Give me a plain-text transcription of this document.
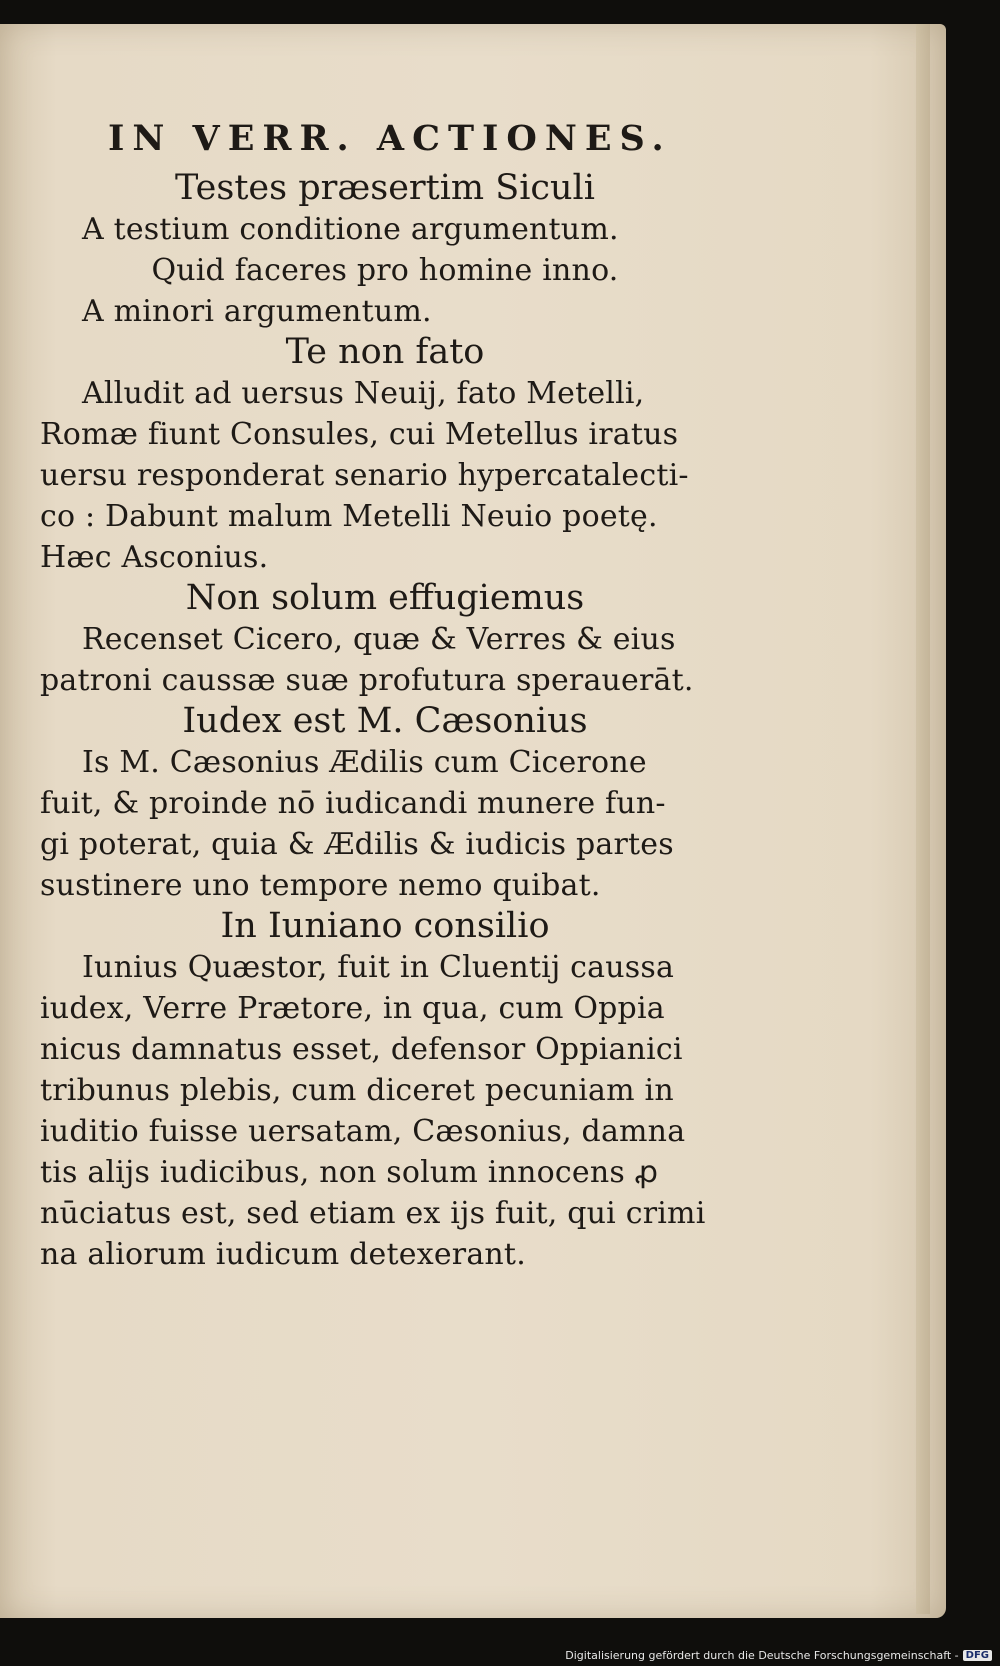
IN VERR. ACTIONES.
Testes præsertim Siculi
A testium conditione argumentum.
Quid faceres pro homine inno.
A minori argumentum.
Te non fato
Alludit ad uersus Neuij, fato Metelli,
Romæ fiunt Consules, cui Metellus iratus
uersu responderat senario hypercatalecti-
co : Dabunt malum Metelli Neuio poetę.
Hæc Asconius.
Non solum effugiemus
Recenset Cicero, quæ & Verres & eius
patroni caussæ suæ profutura sperauerāt.
Iudex est M. Cæsonius
Is M. Cæsonius Ædilis cum Cicerone
fuit, & proinde nō iudicandi munere fun-
gi poterat, quia & Ædilis & iudicis partes
sustinere uno tempore nemo quibat.
In Iuniano consilio
Iunius Quæstor, fuit in Cluentij caussa
iudex, Verre Prætore, in qua, cum Oppia
nicus damnatus esset, defensor Oppianici
tribunus plebis, cum diceret pecuniam in
iuditio fuisse uersatam, Cæsonius, damna
tis alijs iudicibus, non solum innocens ꝓ
nūciatus est, sed etiam ex ijs fuit, qui crimi
na aliorum iudicum detexerant.
Digitalisierung gefördert durch die Deutsche Forschungsgemeinschaft - DFG
